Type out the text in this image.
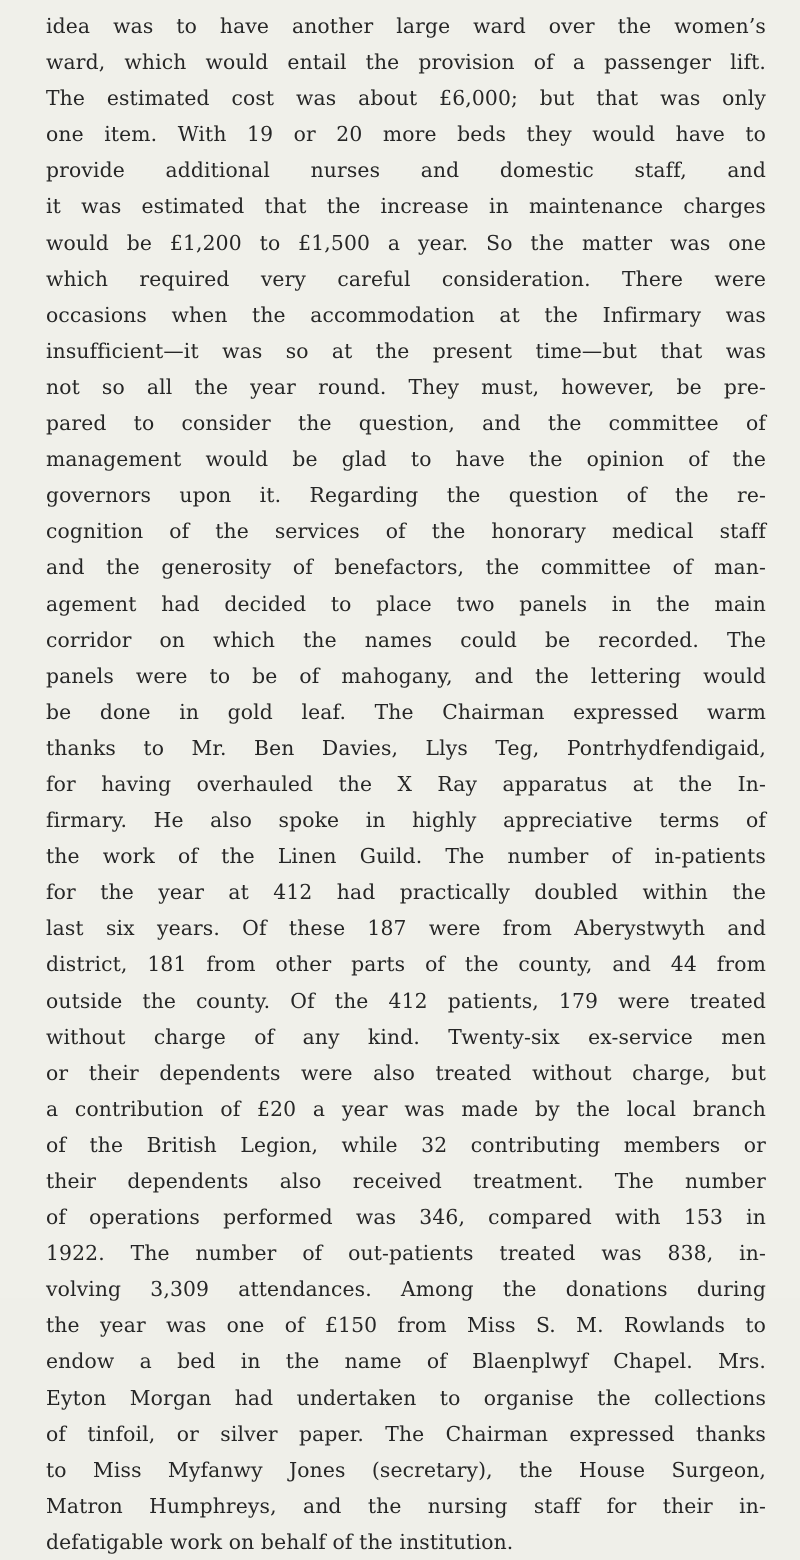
idea was to have another large ward over the women’s
ward, which would entail the provision of a passenger lift.
The estimated cost was about £6,000; but that was only
one item. With 19 or 20 more beds they would have to
provide additional nurses and domestic staff, and
it was estimated that the increase in maintenance charges
would be £1,200 to £1,500 a year. So the matter was one
which required very careful consideration. There were
occasions when the accommodation at the Infirmary was
insufficient—it was so at the present time—but that was
not so all the year round. They must, however, be pre-
pared to consider the question, and the committee of
management would be glad to have the opinion of the
governors upon it. Regarding the question of the re-
cognition of the services of the honorary medical staff
and the generosity of benefactors, the committee of man-
agement had decided to place two panels in the main
corridor on which the names could be recorded. The
panels were to be of mahogany, and the lettering would
be done in gold leaf. The Chairman expressed warm
thanks to Mr. Ben Davies, Llys Teg, Pontrhydfendigaid,
for having overhauled the X Ray apparatus at the In-
firmary. He also spoke in highly appreciative terms of
the work of the Linen Guild. The number of in-patients
for the year at 412 had practically doubled within the
last six years. Of these 187 were from Aberystwyth and
district, 181 from other parts of the county, and 44 from
outside the county. Of the 412 patients, 179 were treated
without charge of any kind. Twenty-six ex-service men
or their dependents were also treated without charge, but
a contribution of £20 a year was made by the local branch
of the British Legion, while 32 contributing members or
their dependents also received treatment. The number
of operations performed was 346, compared with 153 in
1922. The number of out-patients treated was 838, in-
volving 3,309 attendances. Among the donations during
the year was one of £150 from Miss S. M. Rowlands to
endow a bed in the name of Blaenplwyf Chapel. Mrs.
Eyton Morgan had undertaken to organise the collections
of tinfoil, or silver paper. The Chairman expressed thanks
to Miss Myfanwy Jones (secretary), the House Surgeon,
Matron Humphreys, and the nursing staff for their in-
defatigable work on behalf of the institution.
